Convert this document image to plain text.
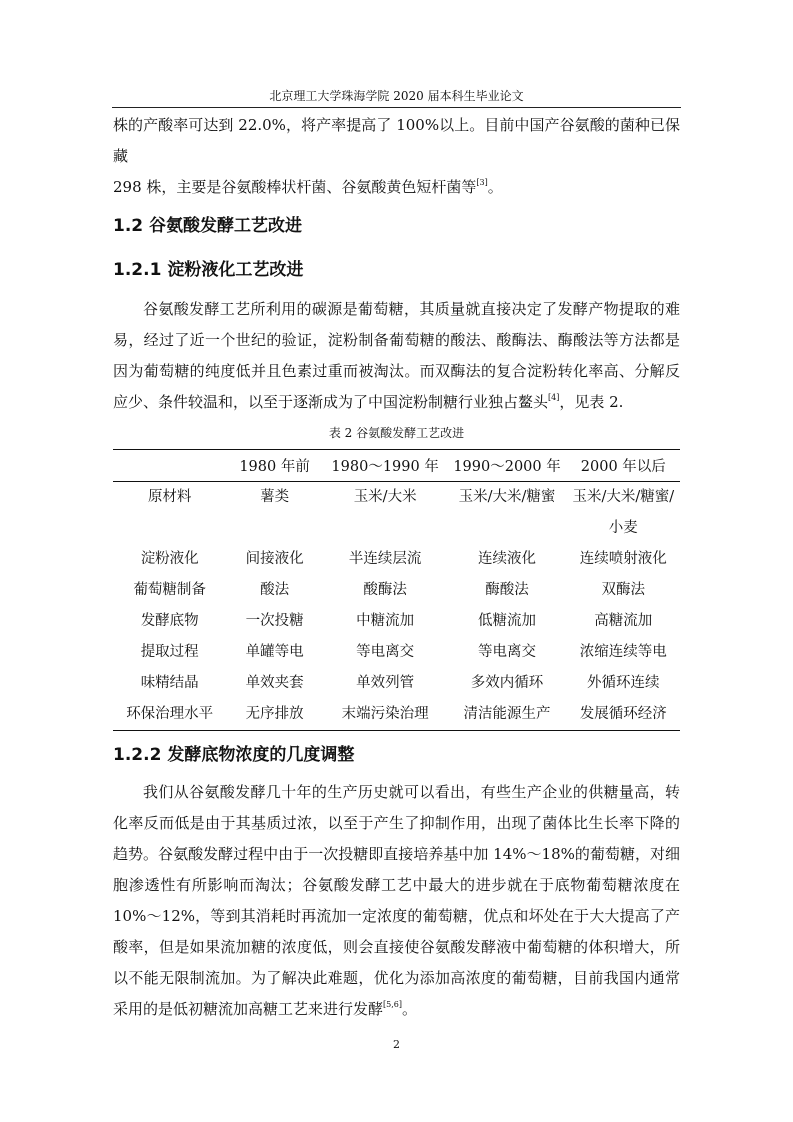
北京理工大学珠海学院 2020 届本科生毕业论文

株的产酸率可达到 22.0%，将产率提高了 100%以上。目前中国产谷氨酸的菌种已保藏
298 株，主要是谷氨酸棒状杆菌、谷氨酸黄色短杆菌等[3]。

1.2 谷氨酸发酵工艺改进
1.2.1 淀粉液化工艺改进

谷氨酸发酵工艺所利用的碳源是葡萄糖，其质量就直接决定了发酵产物提取的难易，经过了近一个世纪的验证，淀粉制备葡萄糖的酸法、酸酶法、酶酸法等方法都是因为葡萄糖的纯度低并且色素过重而被淘汰。而双酶法的复合淀粉转化率高、分解反应少、条件较温和，以至于逐渐成为了中国淀粉制糖行业独占鳌头[4]，见表 2.

表 2 谷氨酸发酵工艺改进
	1980 年前	1980～1990 年	1990～2000 年	2000 年以后
原材料	薯类	玉米/大米	玉米/大米/糖蜜	玉米/大米/糖蜜/小麦
淀粉液化	间接液化	半连续层流	连续液化	连续喷射液化
葡萄糖制备	酸法	酸酶法	酶酸法	双酶法
发酵底物	一次投糖	中糖流加	低糖流加	高糖流加
提取过程	单罐等电	等电离交	等电离交	浓缩连续等电
味精结晶	单效夹套	单效列管	多效内循环	外循环连续
环保治理水平	无序排放	末端污染治理	清洁能源生产	发展循环经济
1.2.2 发酵底物浓度的几度调整

我们从谷氨酸发酵几十年的生产历史就可以看出，有些生产企业的供糖量高，转化率反而低是由于其基质过浓，以至于产生了抑制作用，出现了菌体比生长率下降的趋势。谷氨酸发酵过程中由于一次投糖即直接培养基中加 14%～18%的葡萄糖，对细胞渗透性有所影响而淘汰；谷氨酸发酵工艺中最大的进步就在于底物葡萄糖浓度在 10%～12%，等到其消耗时再流加一定浓度的葡萄糖，优点和坏处在于大大提高了产酸率，但是如果流加糖的浓度低，则会直接使谷氨酸发酵液中葡萄糖的体积增大，所以不能无限制流加。为了解决此难题，优化为添加高浓度的葡萄糖，目前我国内通常采用的是低初糖流加高糖工艺来进行发酵[5,6]。

2
